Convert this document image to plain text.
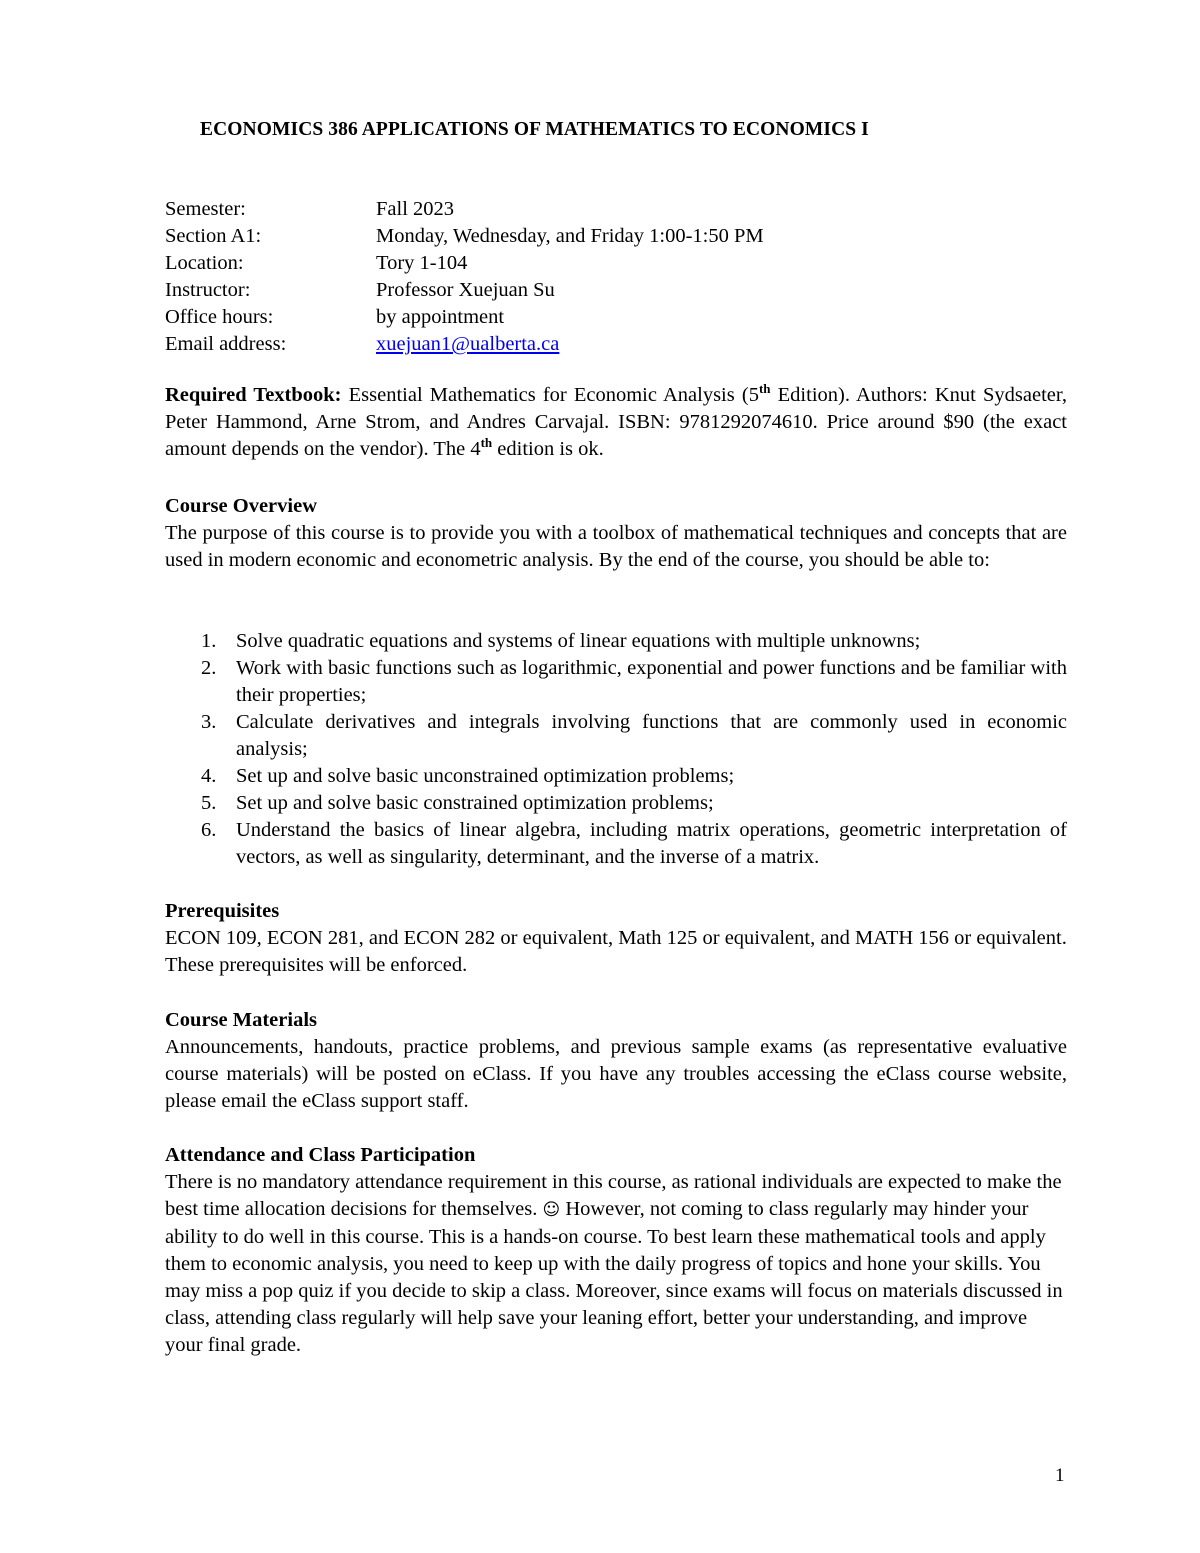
ECONOMICS 386 APPLICATIONS OF MATHEMATICS TO ECONOMICS I
Semester:	Fall 2023
Section A1:	Monday, Wednesday, and Friday 1:00-1:50 PM
Location:	Tory 1-104
Instructor:	Professor Xuejuan Su
Office hours:	by appointment
Email address:	xuejuan1@ualberta.ca
Required Textbook: Essential Mathematics for Economic Analysis (5th Edition). Authors: Knut Sydsaeter, Peter Hammond, Arne Strom, and Andres Carvajal. ISBN: 9781292074610. Price around $90 (the exact amount depends on the vendor). The 4th edition is ok.
Course Overview
The purpose of this course is to provide you with a toolbox of mathematical techniques and concepts that are used in modern economic and econometric analysis. By the end of the course, you should be able to:
1. Solve quadratic equations and systems of linear equations with multiple unknowns;
2. Work with basic functions such as logarithmic, exponential and power functions and be familiar with their properties;
3. Calculate derivatives and integrals involving functions that are commonly used in economic analysis;
4. Set up and solve basic unconstrained optimization problems;
5. Set up and solve basic constrained optimization problems;
6. Understand the basics of linear algebra, including matrix operations, geometric interpretation of vectors, as well as singularity, determinant, and the inverse of a matrix.
Prerequisites
ECON 109, ECON 281, and ECON 282 or equivalent, Math 125 or equivalent, and MATH 156 or equivalent. These prerequisites will be enforced.
Course Materials
Announcements, handouts, practice problems, and previous sample exams (as representative evaluative course materials) will be posted on eClass. If you have any troubles accessing the eClass course website, please email the eClass support staff.
Attendance and Class Participation
There is no mandatory attendance requirement in this course, as rational individuals are expected to make the best time allocation decisions for themselves. ☺ However, not coming to class regularly may hinder your ability to do well in this course. This is a hands-on course. To best learn these mathematical tools and apply them to economic analysis, you need to keep up with the daily progress of topics and hone your skills. You may miss a pop quiz if you decide to skip a class. Moreover, since exams will focus on materials discussed in class, attending class regularly will help save your leaning effort, better your understanding, and improve your final grade.
1
